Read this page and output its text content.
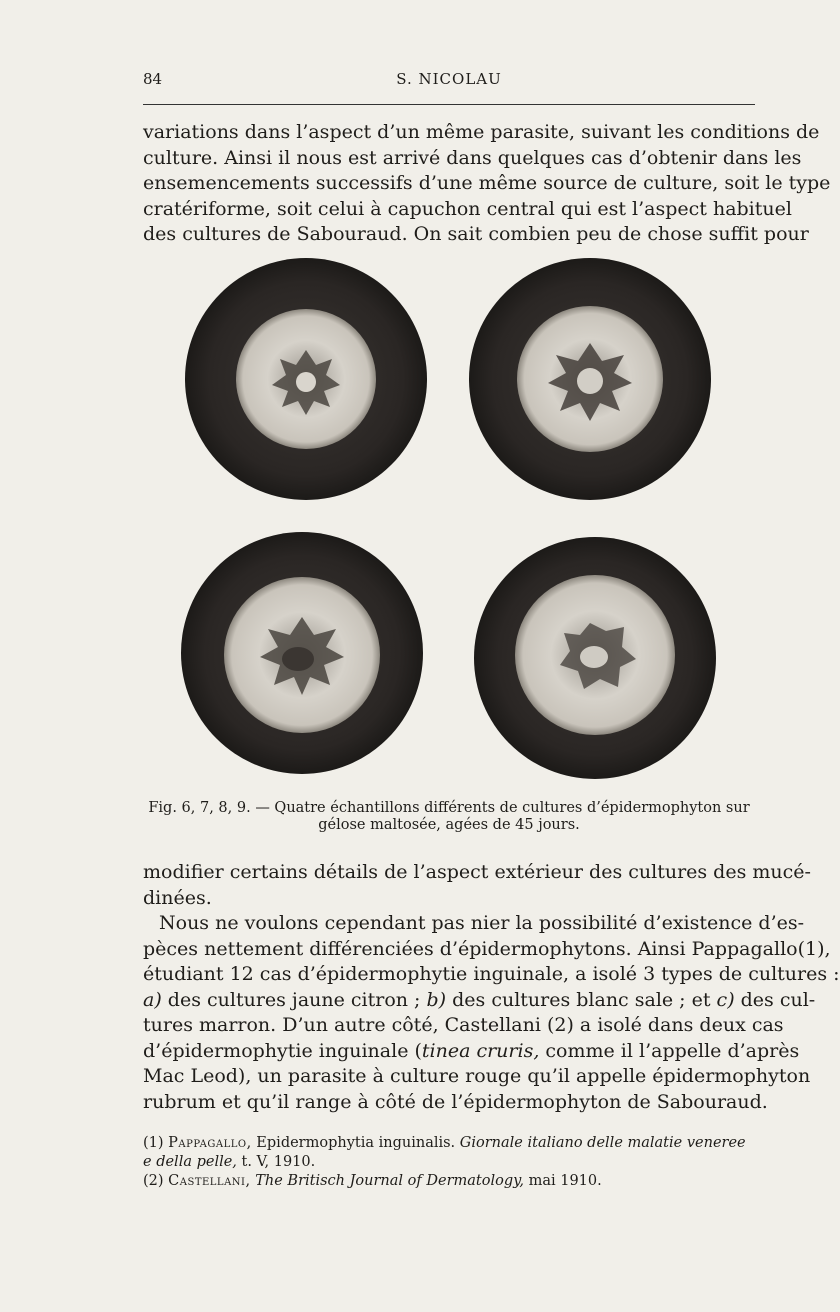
84	S. NICOLAU
variations dans l’aspect d’un même parasite, suivant les conditions de
culture. Ainsi il nous est arrivé dans quelques cas d’obtenir dans les
ensemencements successifs d’une même source de culture, soit le type
cratériforme, soit celui à capuchon central qui est l’aspect habituel
des cultures de Sabouraud. On sait combien peu de chose suffit pour
Fig. 6, 7, 8, 9. — Quatre échantillons différents de cultures d’épidermophyton sur
gélose maltosée, agées de 45 jours.
modifier certains détails de l’aspect extérieur des cultures des mucé-
dinées.
Nous ne voulons cependant pas nier la possibilité d’existence d’es-
pèces nettement différenciées d’épidermophytons. Ainsi Pappagallo(1),
étudiant 12 cas d’épidermophytie inguinale, a isolé 3 types de cultures :
a) des cultures jaune citron ; b) des cultures blanc sale ; et c) des cul-
tures marron. D’un autre côté, Castellani (2) a isolé dans deux cas
d’épidermophytie inguinale (tinea cruris, comme il l’appelle d’après
Mac Leod), un parasite à culture rouge qu’il appelle épidermophyton
rubrum et qu’il range à côté de l’épidermophyton de Sabouraud.
(1) Pappagallo, Epidermophytia inguinalis. Giornale italiano delle malatie veneree
e della pelle, t. V, 1910.
(2) Castellani, The Britisch Journal of Dermatology, mai 1910.
